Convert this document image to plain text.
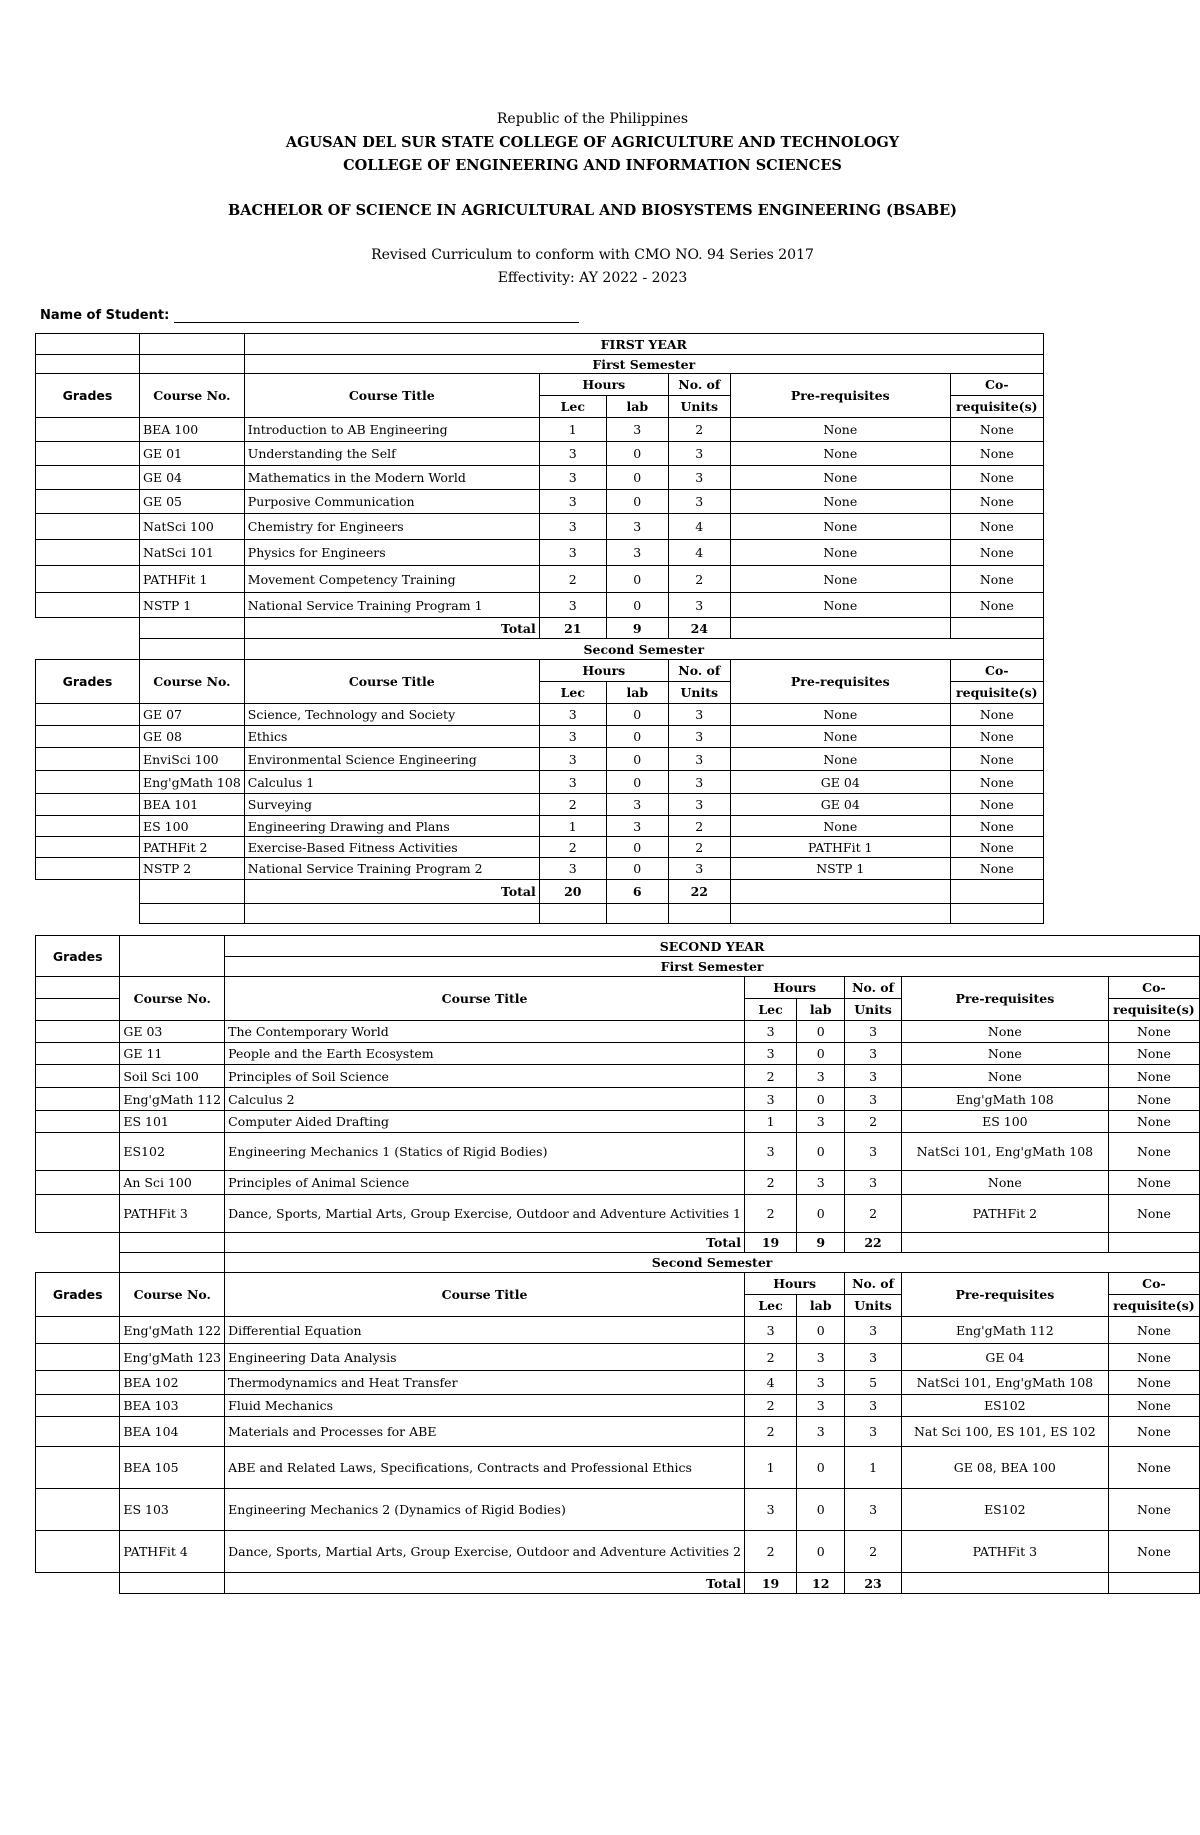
Republic of the Philippines
AGUSAN DEL SUR STATE COLLEGE OF AGRICULTURE AND TECHNOLOGY
COLLEGE OF ENGINEERING AND INFORMATION SCIENCES
BACHELOR OF SCIENCE IN AGRICULTURAL AND BIOSYSTEMS ENGINEERING (BSABE)
Revised Curriculum to conform with CMO NO. 94 Series 2017
Effectivity: AY 2022 - 2023
Name of Student:
		FIRST YEAR					
		First Semester					
Grades	Course No.	Course Title	Hours		No. of	Pre-requisites	Co-
			Lec	lab	Units		requisite(s)
	BEA 100	Introduction to AB Engineering	1	3	2	None	None
	GE 01	Understanding the Self	3	0	3	None	None
	GE 04	Mathematics in the Modern World	3	0	3	None	None
	GE 05	Purposive Communication	3	0	3	None	None
	NatSci 100	Chemistry for Engineers	3	3	4	None	None
	NatSci 101	Physics for Engineers	3	3	4	None	None
	PATHFit 1	Movement Competency Training	2	0	2	None	None
	NSTP 1	National Service Training Program 1	3	0	3	None	None
		Total	21	9	24		
		Second Semester					
Grades	Course No.	Course Title	Hours		No. of	Pre-requisites	Co-
			Lec	lab	Units		requisite(s)
	GE 07	Science, Technology and Society	3	0	3	None	None
	GE 08	Ethics	3	0	3	None	None
	EnviSci 100	Environmental Science Engineering	3	0	3	None	None
	Eng'gMath 108	Calculus 1	3	0	3	GE 04	None
	BEA 101	Surveying	2	3	3	GE 04	None
	ES 100	Engineering Drawing and Plans	1	3	2	None	None
	PATHFit 2	Exercise-Based Fitness Activities	2	0	2	PATHFit 1	None
	NSTP 2	National Service Training Program 2	3	0	3	NSTP 1	None
		Total	20	6	22		

Grades		SECOND YEAR					
		First Semester					
	Course No.	Course Title	Hours		No. of	Pre-requisites	Co-
			Lec	lab	Units		requisite(s)
	GE 03	The Contemporary World	3	0	3	None	None
	GE 11	People and the Earth Ecosystem	3	0	3	None	None
	Soil Sci 100	Principles of Soil Science	2	3	3	None	None
	Eng'gMath 112	Calculus 2	3	0	3	Eng'gMath 108	None
	ES 101	Computer Aided Drafting	1	3	2	ES 100	None
	ES102	Engineering Mechanics 1 (Statics of Rigid Bodies)	3	0	3	NatSci 101, Eng'gMath 108	None
	An Sci 100	Principles of Animal Science	2	3	3	None	None
	PATHFit 3	Dance, Sports, Martial Arts, Group Exercise, Outdoor and Adventure Activities 1	2	0	2	PATHFit 2	None
		Total	19	9	22		
		Second Semester					
Grades	Course No.	Course Title	Hours		No. of	Pre-requisites	Co-
			Lec	lab	Units		requisite(s)
	Eng'gMath 122	Differential Equation	3	0	3	Eng'gMath 112	None
	Eng'gMath 123	Engineering Data Analysis	2	3	3	GE 04	None
	BEA 102	Thermodynamics and Heat Transfer	4	3	5	NatSci 101, Eng'gMath 108	None
	BEA 103	Fluid Mechanics	2	3	3	ES102	None
	BEA 104	Materials and Processes for ABE	2	3	3	Nat Sci 100, ES 101, ES 102	None
	BEA 105	ABE and Related Laws, Specifications, Contracts and Professional Ethics	1	0	1	GE 08, BEA 100	None
	ES 103	Engineering Mechanics 2 (Dynamics of Rigid Bodies)	3	0	3	ES102	None
	PATHFit 4	Dance, Sports, Martial Arts, Group Exercise, Outdoor and Adventure Activities 2	2	0	2	PATHFit 3	None
		Total	19	12	23		
